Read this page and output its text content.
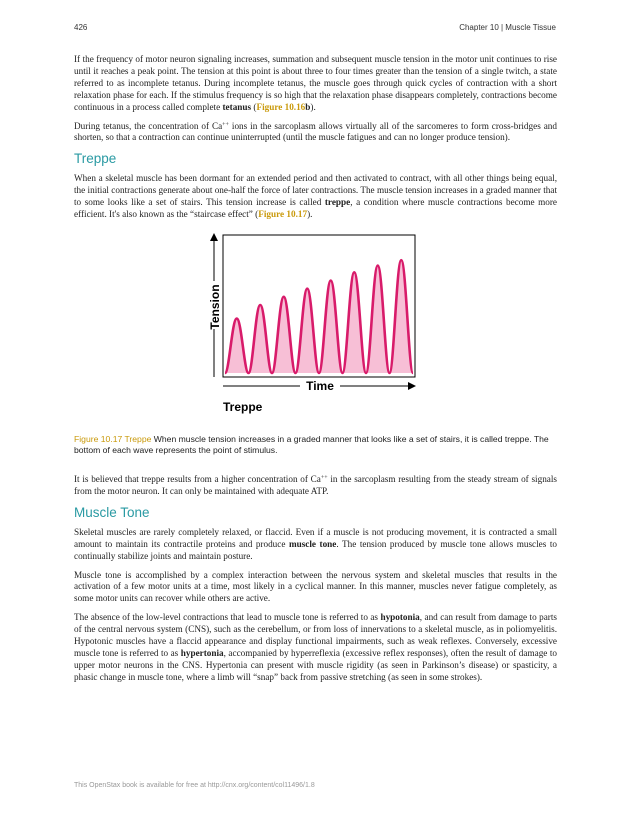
426	Chapter 10 | Muscle Tissue

If the frequency of motor neuron signaling increases, summation and subsequent muscle tension in the motor unit continues to rise until it reaches a peak point. The tension at this point is about three to four times greater than the tension of a single twitch, a state referred to as incomplete tetanus. During incomplete tetanus, the muscle goes through quick cycles of contraction with a short relaxation phase for each. If the stimulus frequency is so high that the relaxation phase disappears completely, contractions become continuous in a process called complete tetanus (Figure 10.16b).

During tetanus, the concentration of Ca++ ions in the sarcoplasm allows virtually all of the sarcomeres to form cross-bridges and shorten, so that a contraction can continue uninterrupted (until the muscle fatigues and can no longer produce tension).

Treppe

When a skeletal muscle has been dormant for an extended period and then activated to contract, with all other things being equal, the initial contractions generate about one-half the force of later contractions. The muscle tension increases in a graded manner that to some looks like a set of stairs. This tension increase is called treppe, a condition where muscle contractions become more efficient. It's also known as the “staircase effect” (Figure 10.17).

Tension
Time
Treppe
Figure 10.17 Treppe When muscle tension increases in a graded manner that looks like a set of stairs, it is called treppe. The bottom of each wave represents the point of stimulus.

It is believed that treppe results from a higher concentration of Ca++ in the sarcoplasm resulting from the steady stream of signals from the motor neuron. It can only be maintained with adequate ATP.

Muscle Tone

Skeletal muscles are rarely completely relaxed, or flaccid. Even if a muscle is not producing movement, it is contracted a small amount to maintain its contractile proteins and produce muscle tone. The tension produced by muscle tone allows muscles to continually stabilize joints and maintain posture.

Muscle tone is accomplished by a complex interaction between the nervous system and skeletal muscles that results in the activation of a few motor units at a time, most likely in a cyclical manner. In this manner, muscles never fatigue completely, as some motor units can recover while others are active.

The absence of the low-level contractions that lead to muscle tone is referred to as hypotonia, and can result from damage to parts of the central nervous system (CNS), such as the cerebellum, or from loss of innervations to a skeletal muscle, as in poliomyelitis. Hypotonic muscles have a flaccid appearance and display functional impairments, such as weak reflexes. Conversely, excessive muscle tone is referred to as hypertonia, accompanied by hyperreflexia (excessive reflex responses), often the result of damage to upper motor neurons in the CNS. Hypertonia can present with muscle rigidity (as seen in Parkinson’s disease) or spasticity, a phasic change in muscle tone, where a limb will “snap” back from passive stretching (as seen in some strokes).

This OpenStax book is available for free at http://cnx.org/content/col11496/1.8
